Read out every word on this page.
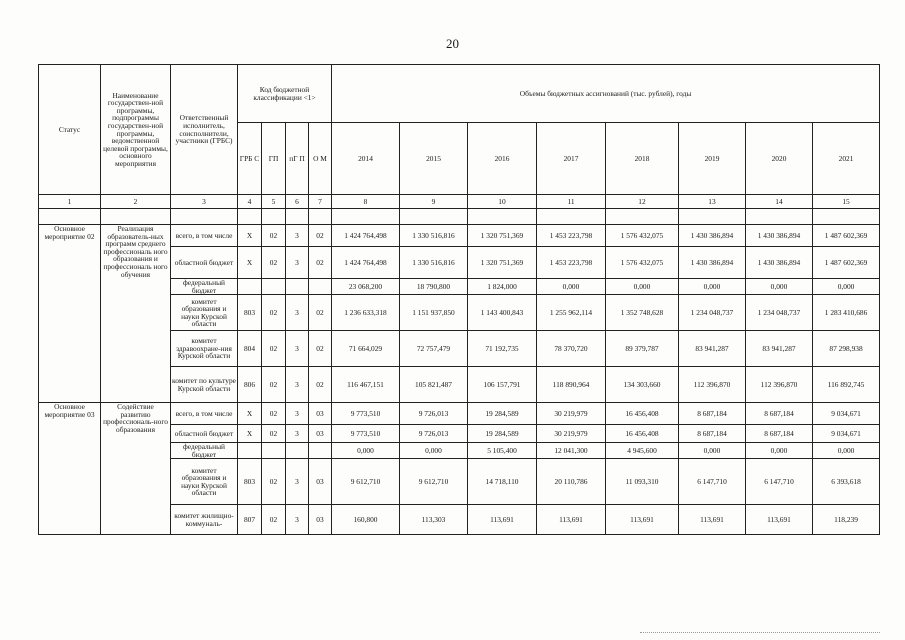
20
Статус	Наименование государствен-ной программы, подпрограммы государствен-ной программы, ведомственной целевой программы, основного мероприятия	Ответственный исполнитель, соисполнители, участники (ГРБС)	Код бюджетной классификации <1>				Объемы бюджетных ассигнований (тыс. рублей), годы							
			ГРБ С	ГП	пГ П	О М	2014	2015	2016	2017	2018	2019	2020	2021
1	2	3	4	5	6	7	8	9	10	11	12	13	14	15

Основное мероприятие 02	Реализация образователь-ных программ среднего профессиональ ного образования и профессиональ ного обучения	всего, в том числе	Х	02	3	02	1 424 764,498	1 330 516,816	1 320 751,369	1 453 223,798	1 576 432,075	1 430 386,894	1 430 386,894	1 487 602,369
		областной бюджет	Х	02	3	02	1 424 764,498	1 330 516,816	1 320 751,369	1 453 223,798	1 576 432,075	1 430 386,894	1 430 386,894	1 487 602,369
		федеральный бюджет					23 068,200	18 790,800	1 824,000	0,000	0,000	0,000	0,000	0,000
		комитет образования и науки Курской области	803	02	3	02	1 236 633,318	1 151 937,850	1 143 400,843	1 255 962,114	1 352 748,628	1 234 048,737	1 234 048,737	1 283 410,686
		комитет здравоохране-ния Курской области	804	02	3	02	71 664,029	72 757,479	71 192,735	78 370,720	89 379,787	83 941,287	83 941,287	87 298,938
		комитет по культуре Курской области	806	02	3	02	116 467,151	105 821,487	106 157,791	118 890,964	134 303,660	112 396,870	112 396,870	116 892,745
Основное мероприятие 03	Содействие развитию профессиональ-ного образования	всего, в том числе	Х	02	3	03	9 773,510	9 726,013	19 284,589	30 219,979	16 456,408	8 687,184	8 687,184	9 034,671
		областной бюджет	Х	02	3	03	9 773,510	9 726,013	19 284,589	30 219,979	16 456,408	8 687,184	8 687,184	9 034,671
		федеральный бюджет					0,000	0,000	5 105,400	12 041,300	4 945,600	0,000	0,000	0,000
		комитет образования и науки Курской области	803	02	3	03	9 612,710	9 612,710	14 718,110	20 110,786	11 093,310	6 147,710	6 147,710	6 393,618
		комитет жилищно-коммуналь-	807	02	3	03	160,800	113,303	113,691	113,691	113,691	113,691	113,691	118,239
